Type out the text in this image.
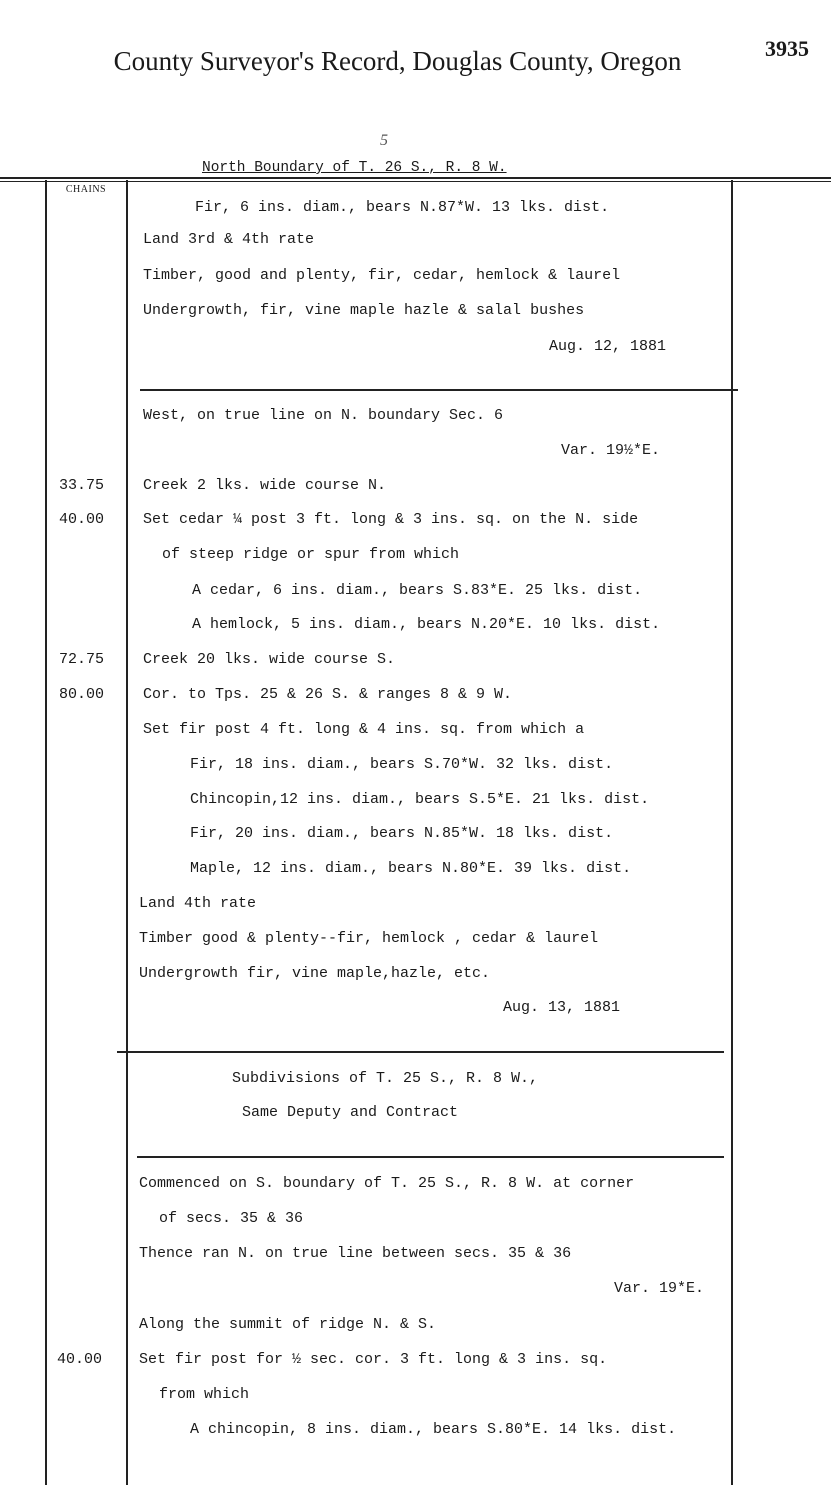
County Surveyor's Record, Douglas County, Oregon	3935
5
North Boundary of T. 26 S., R. 8 W.
CHAINS
Fir, 6 ins. diam., bears N.87*W. 13 lks. dist.
Land 3rd & 4th rate
Timber, good and plenty, fir, cedar, hemlock & laurel
Undergrowth, fir, vine maple hazle & salal bushes
Aug. 12, 1881
West, on true line on N. boundary Sec. 6
Var. 19½*E.
33.75	Creek 2 lks. wide course N.
40.00	Set cedar ¼ post 3 ft. long & 3 ins. sq. on the N. side
of steep ridge or spur from which
A cedar, 6 ins. diam., bears S.83*E. 25 lks. dist.
A hemlock, 5 ins. diam., bears N.20*E. 10 lks. dist.
72.75	Creek 20 lks. wide course S.
80.00	Cor. to Tps. 25 & 26 S. & ranges 8 & 9 W.
Set fir post 4 ft. long & 4 ins. sq. from which a
Fir, 18 ins. diam., bears S.70*W. 32 lks. dist.
Chincopin,12 ins. diam., bears S.5*E. 21 lks. dist.
Fir, 20 ins. diam., bears N.85*W. 18 lks. dist.
Maple, 12 ins. diam., bears N.80*E. 39 lks. dist.
Land 4th rate
Timber good & plenty--fir, hemlock , cedar & laurel
Undergrowth fir, vine maple,hazle, etc.
Aug. 13, 1881
Subdivisions of T. 25 S., R. 8 W.,
Same Deputy and Contract
Commenced on S. boundary of T. 25 S., R. 8 W. at corner
of secs. 35 & 36
Thence ran N. on true line between secs. 35 & 36
Var. 19*E.
Along the summit of ridge N. & S.
40.00 Set fir post for ½ sec. cor. 3 ft. long & 3 ins. sq.
from which
A chincopin, 8 ins. diam., bears S.80*E. 14 lks. dist.
